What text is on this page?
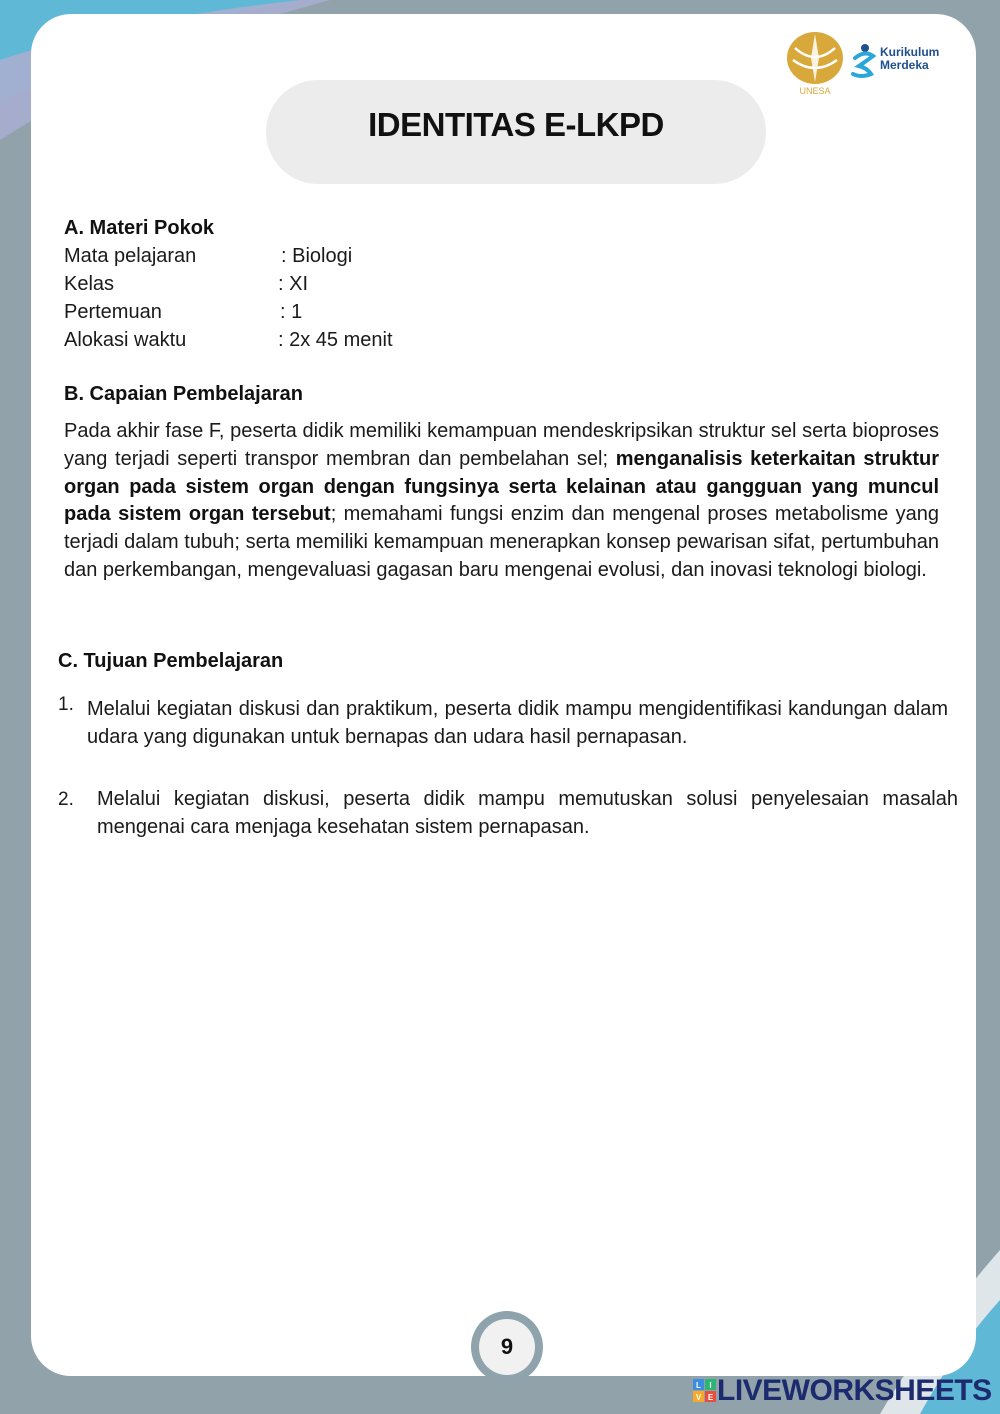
UNESA
Kurikulum
Merdeka
IDENTITAS E-LKPD
A. Materi Pokok
Mata pelajaran	: Biologi
Kelas	: XI
Pertemuan	: 1
Alokasi waktu	: 2x 45 menit
B. Capaian Pembelajaran
Pada akhir fase F, peserta didik memiliki kemampuan mendeskripsikan struktur sel serta bioproses yang terjadi seperti transpor membran dan pembelahan sel; menganalisis keterkaitan struktur organ pada sistem organ dengan fungsinya serta kelainan atau gangguan yang muncul pada sistem organ tersebut; memahami fungsi enzim dan mengenal proses metabolisme yang terjadi dalam tubuh; serta memiliki kemampuan menerapkan konsep pewarisan sifat, pertumbuhan dan perkembangan, mengevaluasi gagasan baru mengenai evolusi, dan inovasi teknologi biologi.
C. Tujuan Pembelajaran
1. Melalui kegiatan diskusi dan praktikum, peserta didik mampu mengidentifikasi kandungan dalam udara yang digunakan untuk bernapas dan udara hasil pernapasan.
2. Melalui kegiatan diskusi, peserta didik mampu memutuskan solusi penyelesaian masalah mengenai cara menjaga kesehatan sistem pernapasan.
9
L I
V E LIVEWORKSHEETS
